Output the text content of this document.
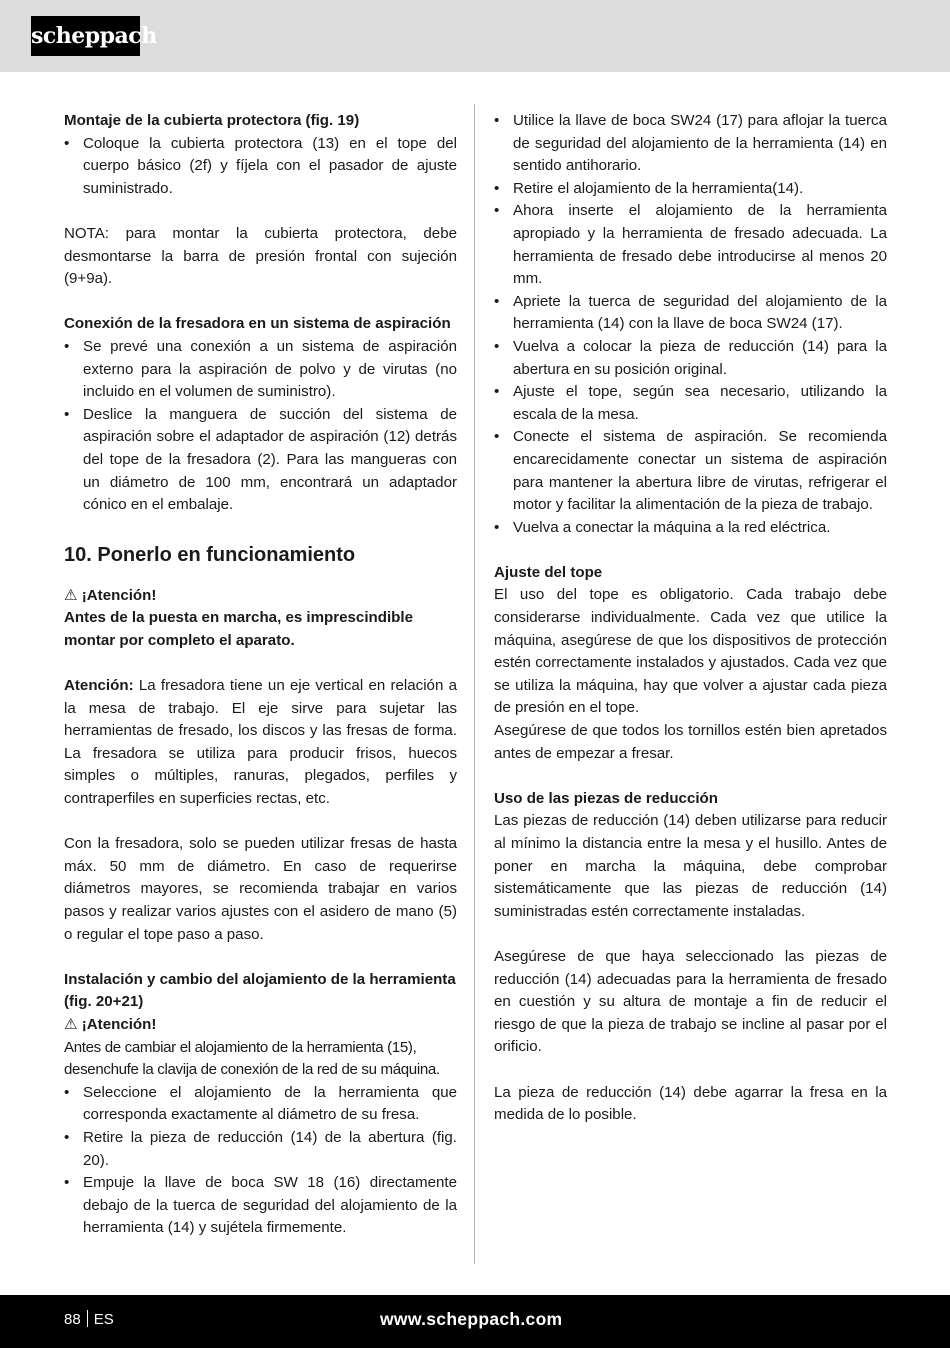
scheppach

Montaje de la cubierta protectora (fig. 19)

• Coloque la cubierta protectora (13) en el tope del cuerpo básico (2f) y fíjela con el pasador de ajuste suministrado.

NOTA: para montar la cubierta protectora, debe desmontarse la barra de presión frontal con sujeción (9+9a).

Conexión de la fresadora en un sistema de aspiración

• Se prevé una conexión a un sistema de aspiración externo para la aspiración de polvo y de virutas (no incluido en el volumen de suministro).
• Deslice la manguera de succión del sistema de aspiración sobre el adaptador de aspiración (12) detrás del tope de la fresadora (2). Para las mangueras con un diámetro de 100 mm, encontrará un adaptador cónico en el embalaje.

10. Ponerlo en funcionamiento

⚠ ¡Atención!

Antes de la puesta en marcha, es imprescindible montar por completo el aparato.

Atención: La fresadora tiene un eje vertical en relación a la mesa de trabajo. El eje sirve para sujetar las herramientas de fresado, los discos y las fresas de forma. La fresadora se utiliza para producir frisos, huecos simples o múltiples, ranuras, plegados, perfiles y contraperfiles en superficies rectas, etc.

Con la fresadora, solo se pueden utilizar fresas de hasta máx. 50 mm de diámetro. En caso de requerirse diámetros mayores, se recomienda trabajar en varios pasos y realizar varios ajustes con el asidero de mano (5) o regular el tope paso a paso.

Instalación y cambio del alojamiento de la herramienta (fig. 20+21)

⚠ ¡Atención!

Antes de cambiar el alojamiento de la herramienta (15), desenchufe la clavija de conexión de la red de su máquina.

• Seleccione el alojamiento de la herramienta que corresponda exactamente al diámetro de su fresa.
• Retire la pieza de reducción (14) de la abertura (fig. 20).
• Empuje la llave de boca SW 18 (16) directamente debajo de la tuerca de seguridad del alojamiento de la herramienta (14) y sujétela firmemente.
• Utilice la llave de boca SW24 (17) para aflojar la tuerca de seguridad del alojamiento de la herramienta (14) en sentido antihorario.
• Retire el alojamiento de la herramienta(14).
• Ahora inserte el alojamiento de la herramienta apropiado y la herramienta de fresado adecuada. La herramienta de fresado debe introducirse al menos 20 mm.
• Apriete la tuerca de seguridad del alojamiento de la herramienta (14) con la llave de boca SW24 (17).
• Vuelva a colocar la pieza de reducción (14) para la abertura en su posición original.
• Ajuste el tope, según sea necesario, utilizando la escala de la mesa.
• Conecte el sistema de aspiración. Se recomienda encarecidamente conectar un sistema de aspiración para mantener la abertura libre de virutas, refrigerar el motor y facilitar la alimentación de la pieza de trabajo.
• Vuelva a conectar la máquina a la red eléctrica.

Ajuste del tope

El uso del tope es obligatorio. Cada trabajo debe considerarse individualmente. Cada vez que utilice la máquina, asegúrese de que los dispositivos de protección estén correctamente instalados y ajustados. Cada vez que se utiliza la máquina, hay que volver a ajustar cada pieza de presión en el tope.

Asegúrese de que todos los tornillos estén bien apretados antes de empezar a fresar.

Uso de las piezas de reducción

Las piezas de reducción (14) deben utilizarse para reducir al mínimo la distancia entre la mesa y el husillo. Antes de poner en marcha la máquina, debe comprobar sistemáticamente que las piezas de reducción (14) suministradas estén correctamente instaladas.

Asegúrese de que haya seleccionado las piezas de reducción (14) adecuadas para la herramienta de fresado en cuestión y su altura de montaje a fin de reducir el riesgo de que la pieza de trabajo se incline al pasar por el orificio.

La pieza de reducción (14) debe agarrar la fresa en la medida de lo posible.

88 ES	www.scheppach.com
